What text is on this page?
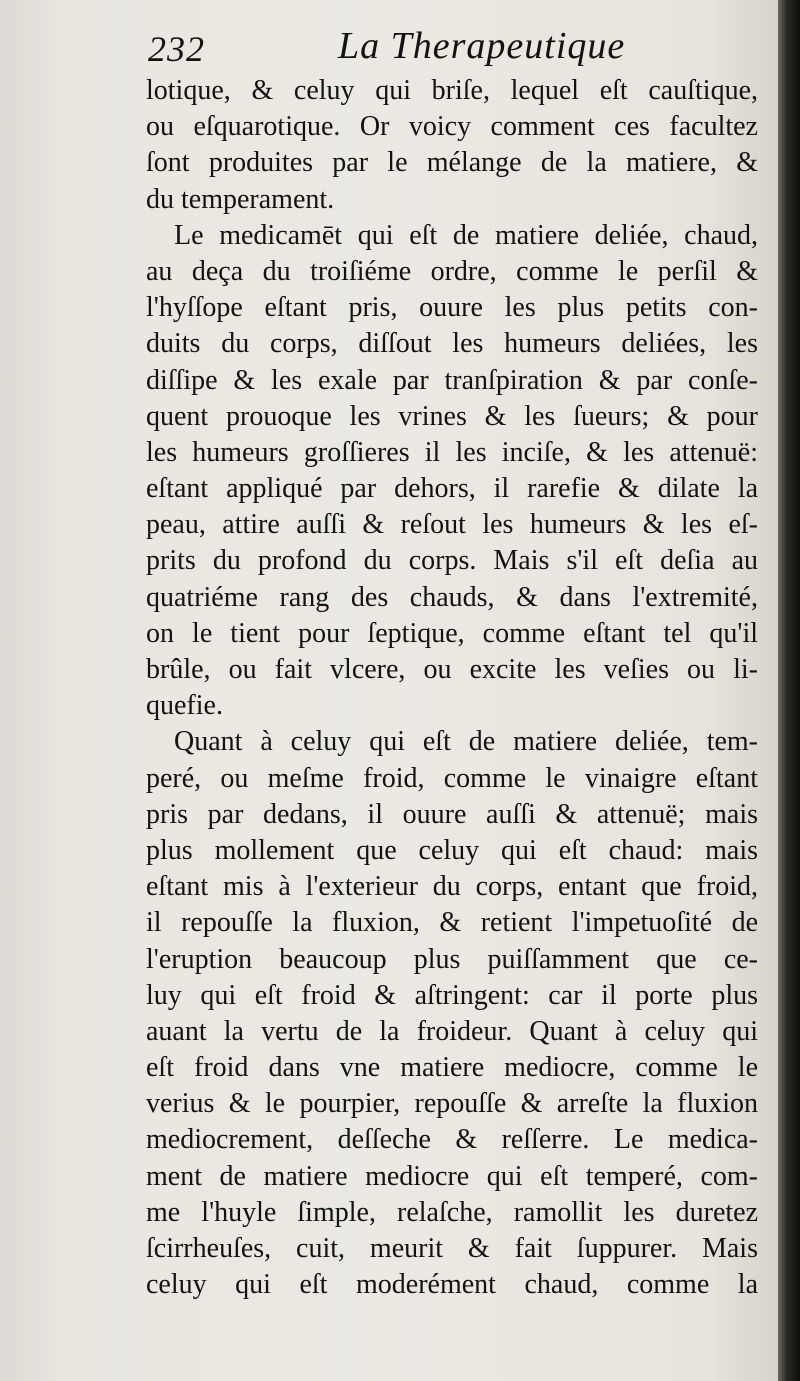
232	La Therapeutique
lotique, & celuy qui briſe, lequel eſt cauſtique,
ou eſquarotique. Or voicy comment ces facultez
ſont produites par le mélange de la matiere, &
du temperament.
Le medicamēt qui eſt de matiere deliée, chaud,
au deça du troiſiéme ordre, comme le perſil &
l'hyſſope eſtant pris, ouure les plus petits con-
duits du corps, diſſout les humeurs deliées, les
diſſipe & les exale par tranſpiration & par conſe-
quent prouoque les vrines & les ſueurs; & pour
les humeurs groſſieres il les inciſe, & les attenuë:
eſtant appliqué par dehors, il rarefie & dilate la
peau, attire auſſi & reſout les humeurs & les eſ-
prits du profond du corps. Mais s'il eſt deſia au
quatriéme rang des chauds, & dans l'extremité,
on le tient pour ſeptique, comme eſtant tel qu'il
brûle, ou fait vlcere, ou excite les veſies ou li-
quefie.
Quant à celuy qui eſt de matiere deliée, tem-
peré, ou meſme froid, comme le vinaigre eſtant
pris par dedans, il ouure auſſi & attenuë; mais
plus mollement que celuy qui eſt chaud: mais
eſtant mis à l'exterieur du corps, entant que froid,
il repouſſe la fluxion, & retient l'impetuoſité de
l'eruption beaucoup plus puiſſamment que ce-
luy qui eſt froid & aſtringent: car il porte plus
auant la vertu de la froideur. Quant à celuy qui
eſt froid dans vne matiere mediocre, comme le
verius & le pourpier, repouſſe & arreſte la fluxion
mediocrement, deſſeche & reſſerre. Le medica-
ment de matiere mediocre qui eſt temperé, com-
me l'huyle ſimple, relaſche, ramollit les duretez
ſcirrheuſes, cuit, meurit & fait ſuppurer. Mais
celuy qui eſt moderément chaud, comme la
